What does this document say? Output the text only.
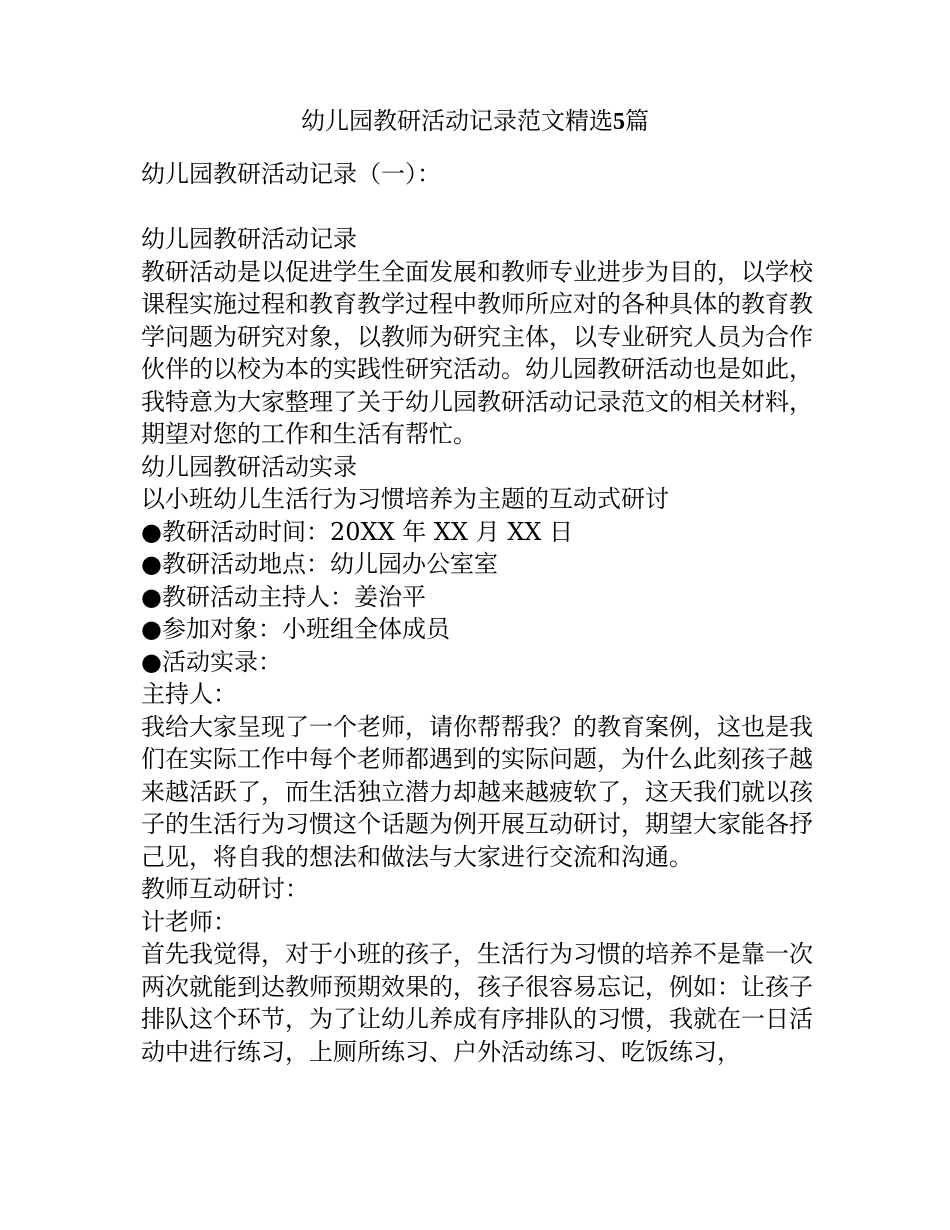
幼儿园教研活动记录范文精选5篇

幼儿园教研活动记录（一）：

幼儿园教研活动记录

教研活动是以促进学生全面发展和教师专业进步为目的，以学校课程实施过程和教育教学过程中教师所应对的各种具体的教育教学问题为研究对象，以教师为研究主体，以专业研究人员为合作伙伴的以校为本的实践性研究活动。幼儿园教研活动也是如此，我特意为大家整理了关于幼儿园教研活动记录范文的相关材料，期望对您的工作和生活有帮忙。

幼儿园教研活动实录

以小班幼儿生活行为习惯培养为主题的互动式研讨

●教研活动时间：20XX 年 XX 月 XX 日

●教研活动地点：幼儿园办公室室

●教研活动主持人：姜治平

●参加对象：小班组全体成员

●活动实录：

主持人：

我给大家呈现了一个老师，请你帮帮我？的教育案例，这也是我们在实际工作中每个老师都遇到的实际问题，为什么此刻孩子越来越活跃了，而生活独立潜力却越来越疲软了，这天我们就以孩子的生活行为习惯这个话题为例开展互动研讨，期望大家能各抒己见，将自我的想法和做法与大家进行交流和沟通。

教师互动研讨：

计老师：

首先我觉得，对于小班的孩子，生活行为习惯的培养不是靠一次两次就能到达教师预期效果的，孩子很容易忘记，例如：让孩子排队这个环节，为了让幼儿养成有序排队的习惯，我就在一日活动中进行练习，上厕所练习、户外活动练习、吃饭练习，
